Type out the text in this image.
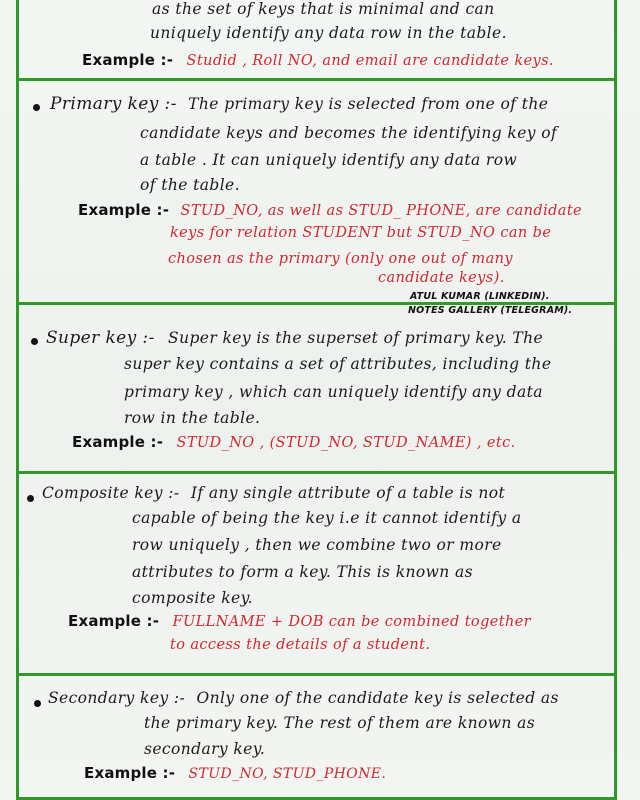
as the set of keys that is minimal and can
uniquely identify any data row in the table.
Example :- Studid , Roll NO, and email are candidate keys.
Primary key :- The primary key is selected from one of the
candidate keys and becomes the identifying key of
a table . It can uniquely identify any data row
of the table.
Example :- STUD_NO, as well as STUD_ PHONE, are candidate
keys for relation STUDENT but STUD_NO can be
chosen as the primary (only one out of many
candidate keys).
ATUL KUMAR (LINKEDIN).
NOTES GALLERY (TELEGRAM).
Super key :- Super key is the superset of primary key. The
super key contains a set of attributes, including the
primary key , which can uniquely identify any data
row in the table.
Example :- STUD_NO , (STUD_NO, STUD_NAME) , etc.
Composite key :- If any single attribute of a table is not
capable of being the key i.e it cannot identify a
row uniquely , then we combine two or more
attributes to form a key. This is known as
composite key.
Example :- FULLNAME + DOB can be combined together
to access the details of a student.
Secondary key :- Only one of the candidate key is selected as
the primary key. The rest of them are known as
secondary key.
Example :- STUD_NO, STUD_PHONE.
